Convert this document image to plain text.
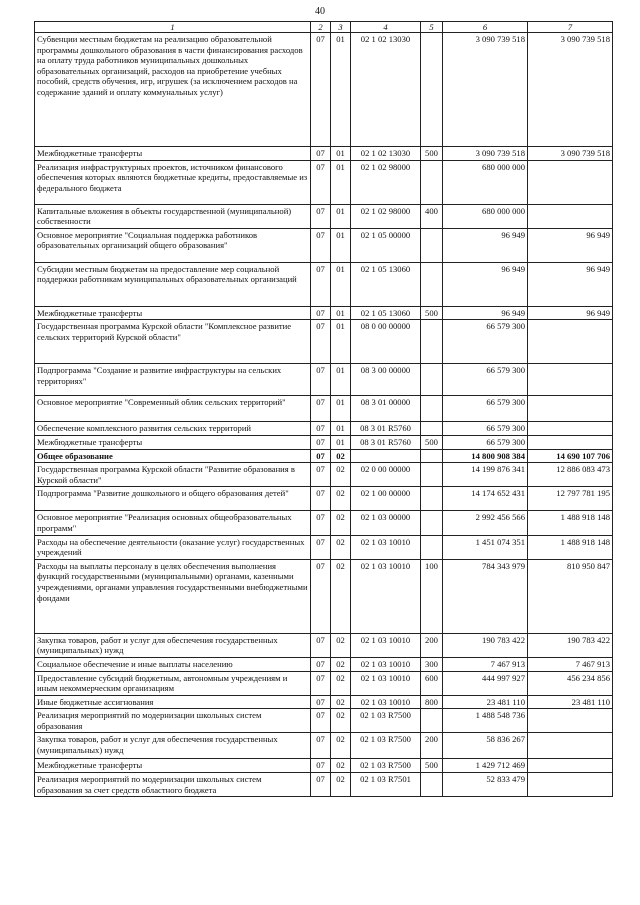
40
1	2	3	4	5	6	7
Субвенции местным бюджетам на реализацию образовательной программы дошкольного образования в части финансирования расходов на оплату труда работников муниципальных дошкольных образовательных организаций, расходов на приобретение учебных пособий, средств обучения, игр, игрушек (за исключением расходов на содержание зданий и оплату коммунальных услуг)	07	01	02 1 02 13030		3 090 739 518	3 090 739 518
Межбюджетные трансферты	07	01	02 1 02 13030	500	3 090 739 518	3 090 739 518
Реализация инфраструктурных проектов, источником финансового обеспечения которых являются бюджетные кредиты, предоставляемые из федерального бюджета	07	01	02 1 02 98000		680 000 000	
Капитальные вложения в объекты государственной (муниципальной) собственности	07	01	02 1 02 98000	400	680 000 000	
Основное мероприятие "Социальная поддержка работников образовательных организаций общего образования"	07	01	02 1 05 00000		96 949	96 949
Субсидии местным бюджетам на предоставление мер социальной поддержки работникам муниципальных образовательных организаций	07	01	02 1 05 13060		96 949	96 949
Межбюджетные трансферты	07	01	02 1 05 13060	500	96 949	96 949
Государственная программа Курской области "Комплексное развитие сельских территорий Курской области"	07	01	08 0 00 00000		66 579 300	
Подпрограмма "Создание и развитие инфраструктуры на сельских территориях"	07	01	08 3 00 00000		66 579 300	
Основное мероприятие "Современный облик сельских территорий"	07	01	08 3 01 00000		66 579 300	
Обеспечение комплексного развития сельских территорий	07	01	08 3 01 R5760		66 579 300	
Межбюджетные трансферты	07	01	08 3 01 R5760	500	66 579 300	
Общее образование	07	02			14 800 908 384	14 690 107 706
Государственная программа Курской области "Развитие образования в Курской области"	07	02	02 0 00 00000		14 199 876 341	12 886 083 473
Подпрограмма "Развитие дошкольного и общего образования детей"	07	02	02 1 00 00000		14 174 652 431	12 797 781 195
Основное мероприятие "Реализация основных общеобразовательных программ"	07	02	02 1 03 00000		2 992 456 566	1 488 918 148
Расходы на обеспечение деятельности (оказание услуг) государственных учреждений	07	02	02 1 03 10010		1 451 074 351	1 488 918 148
Расходы на выплаты персоналу в целях обеспечения выполнения функций государственными (муниципальными) органами, казенными учреждениями, органами управления государственными внебюджетными фондами	07	02	02 1 03 10010	100	784 343 979	810 950 847
Закупка товаров, работ и услуг для обеспечения государственных (муниципальных) нужд	07	02	02 1 03 10010	200	190 783 422	190 783 422
Социальное обеспечение и иные выплаты населению	07	02	02 1 03 10010	300	7 467 913	7 467 913
Предоставление субсидий бюджетным, автономным учреждениям и иным некоммерческим организациям	07	02	02 1 03 10010	600	444 997 927	456 234 856
Иные бюджетные ассигнования	07	02	02 1 03 10010	800	23 481 110	23 481 110
Реализация мероприятий по модернизации школьных систем образования	07	02	02 1 03 R7500		1 488 548 736	
Закупка товаров, работ и услуг для обеспечения государственных (муниципальных) нужд	07	02	02 1 03 R7500	200	58 836 267	
Межбюджетные трансферты	07	02	02 1 03 R7500	500	1 429 712 469	
Реализация мероприятий по модернизации школьных систем образования за счет средств областного бюджета	07	02	02 1 03 R7501		52 833 479	
